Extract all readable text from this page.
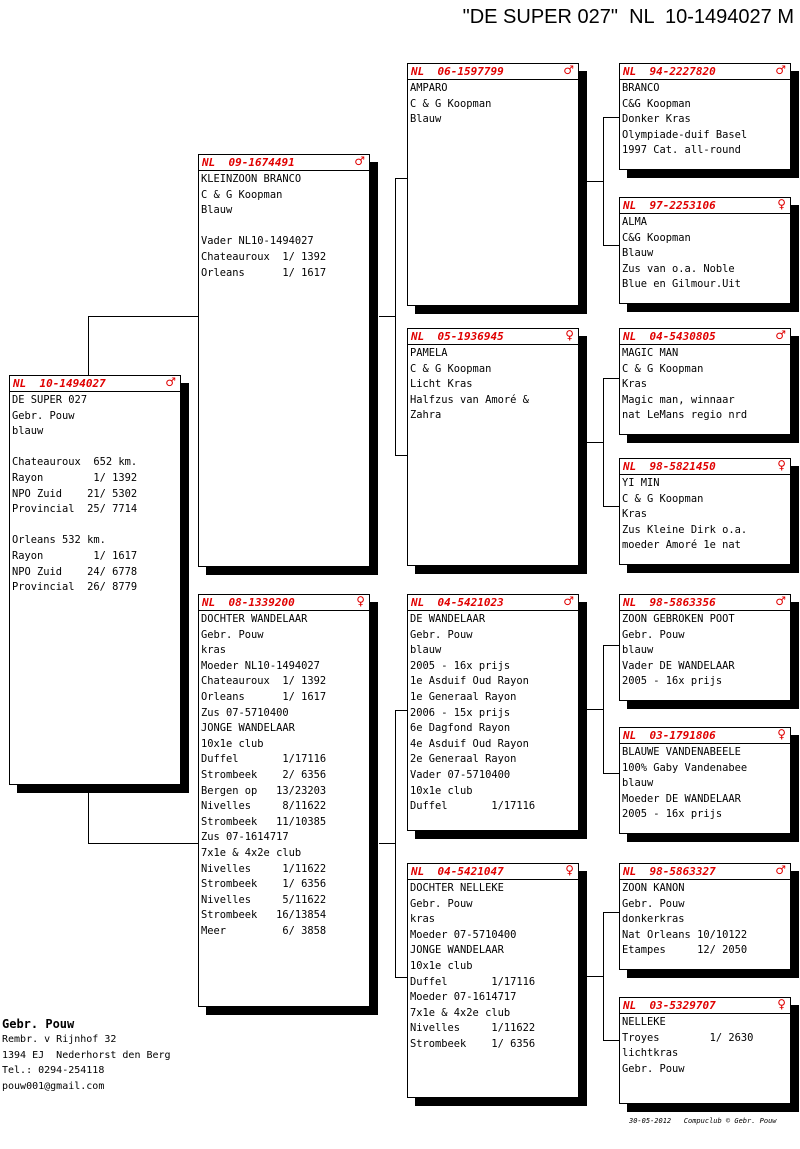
"DE SUPER 027"  NL  10-1494027 M
NL  10-1494027	♂
DE SUPER 027
Gebr. Pouw
blauw
Chateauroux  652 km.
Rayon        1/ 1392
NPO Zuid    21/ 5302
Provincial  25/ 7714
Orleans 532 km.
Rayon        1/ 1617
NPO Zuid    24/ 6778
Provincial  26/ 8779
NL  09-1674491	♂
KLEINZOON BRANCO
C & G Koopman
Blauw
Vader NL10-1494027
Chateauroux  1/ 1392
Orleans      1/ 1617
NL  08-1339200	♀
DOCHTER WANDELAAR
Gebr. Pouw
kras
Moeder NL10-1494027
Chateauroux  1/ 1392
Orleans      1/ 1617
Zus 07-5710400
JONGE WANDELAAR
10x1e club
Duffel       1/17116
Strombeek    2/ 6356
Bergen op   13/23203
Nivelles     8/11622
Strombeek   11/10385
Zus 07-1614717
7x1e & 4x2e club
Nivelles     1/11622
Strombeek    1/ 6356
Nivelles     5/11622
Strombeek   16/13854
Meer         6/ 3858
NL  06-1597799	♂
AMPARO
C & G Koopman
Blauw
NL  05-1936945	♀
PAMELA
C & G Koopman
Licht Kras
Halfzus van Amoré &
Zahra
NL  04-5421023	♂
DE WANDELAAR
Gebr. Pouw
blauw
2005 - 16x prijs
1e Asduif Oud Rayon
1e Generaal Rayon
2006 - 15x prijs
6e Dagfond Rayon
4e Asduif Oud Rayon
2e Generaal Rayon
Vader 07-5710400
10x1e club
Duffel       1/17116
NL  04-5421047	♀
DOCHTER NELLEKE
Gebr. Pouw
kras
Moeder 07-5710400
JONGE WANDELAAR
10x1e club
Duffel       1/17116
Moeder 07-1614717
7x1e & 4x2e club
Nivelles     1/11622
Strombeek    1/ 6356
NL  94-2227820	♂
BRANCO
C&G Koopman
Donker Kras
Olympiade-duif Basel
1997 Cat. all-round
NL  97-2253106	♀
ALMA
C&G Koopman
Blauw
Zus van o.a. Noble
Blue en Gilmour.Uit
NL  04-5430805	♂
MAGIC MAN
C & G Koopman
Kras
Magic man, winnaar
nat LeMans regio nrd
NL  98-5821450	♀
YI MIN
C & G Koopman
Kras
Zus Kleine Dirk o.a.
moeder Amoré 1e nat
NL  98-5863356	♂
ZOON GEBROKEN POOT
Gebr. Pouw
blauw
Vader DE WANDELAAR
2005 - 16x prijs
NL  03-1791806	♀
BLAUWE VANDENABEELE
100% Gaby Vandenabee
blauw
Moeder DE WANDELAAR
2005 - 16x prijs
NL  98-5863327	♂
ZOON KANON
Gebr. Pouw
donkerkras
Nat Orleans 10/10122
Etampes     12/ 2050
NL  03-5329707	♀
NELLEKE
Troyes        1/ 2630
lichtkras
Gebr. Pouw
Gebr. Pouw
Rembr. v Rijnhof 32
1394 EJ  Nederhorst den Berg
Tel.: 0294-254118
pouw001@gmail.com
30-05-2012   Compuclub © Gebr. Pouw
